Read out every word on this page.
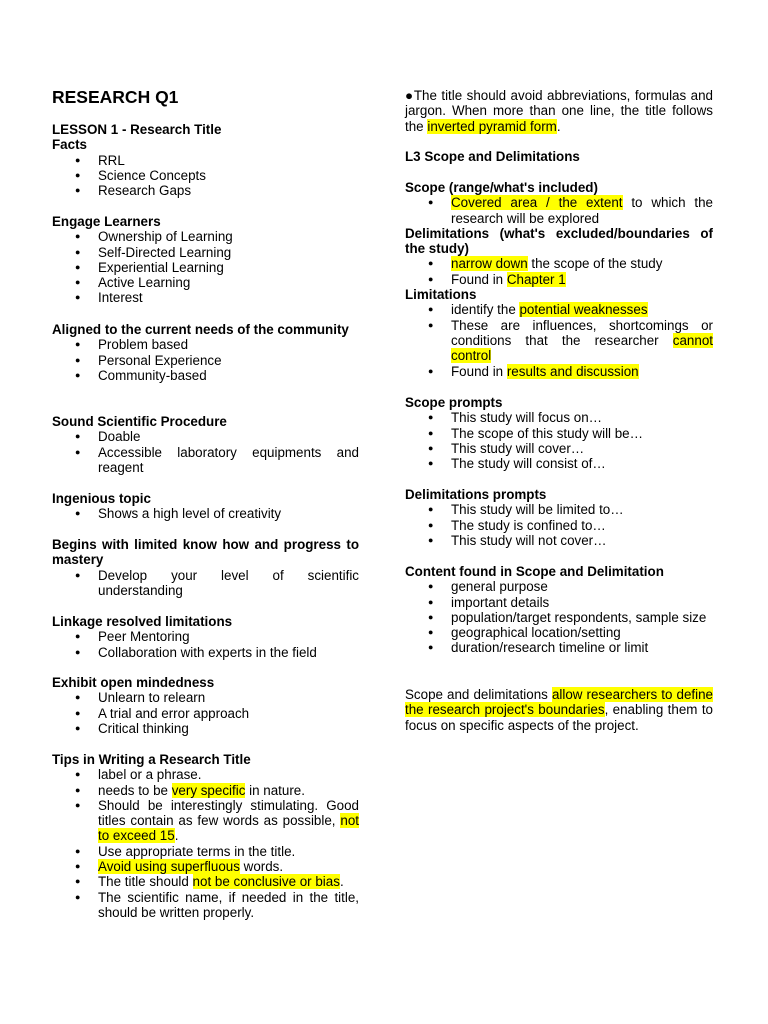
RESEARCH Q1
LESSON 1 - Research Title
Facts
● RRL
● Science Concepts
● Research Gaps
Engage Learners
● Ownership of Learning
● Self-Directed Learning
● Experiential Learning
● Active Learning
● Interest
Aligned to the current needs of the community
● Problem based
● Personal Experience
● Community-based
Sound Scientific Procedure
● Doable
● Accessible laboratory equipments and reagent
Ingenious topic
● Shows a high level of creativity
Begins with limited know how and progress to mastery
● Develop your level of scientific understanding
Linkage resolved limitations
● Peer Mentoring
● Collaboration with experts in the field
Exhibit open mindedness
● Unlearn to relearn
● A trial and error approach
● Critical thinking
Tips in Writing a Research Title
● label or a phrase.
● needs to be very specific in nature.
● Should be interestingly stimulating. Good titles contain as few words as possible, not to exceed 15.
● Use appropriate terms in the title.
● Avoid using superfluous words.
● The title should not be conclusive or bias.
● The scientific name, if needed in the title, should be written properly.
●The title should avoid abbreviations, formulas and jargon. When more than one line, the title follows the inverted pyramid form.
L3 Scope and Delimitations
Scope (range/what's included)
● Covered area / the extent to which the research will be explored
Delimitations (what's excluded/boundaries of the study)
● narrow down the scope of the study
● Found in Chapter 1
Limitations
● identify the potential weaknesses
● These are influences, shortcomings or conditions that the researcher cannot control
● Found in results and discussion
Scope prompts
● This study will focus on…
● The scope of this study will be…
● This study will cover…
● The study will consist of…
Delimitations prompts
● This study will be limited to…
● The study is confined to…
● This study will not cover…
Content found in Scope and Delimitation
● general purpose
● important details
● population/target respondents, sample size
● geographical location/setting
● duration/research timeline or limit
Scope and delimitations allow researchers to define the research project's boundaries, enabling them to focus on specific aspects of the project.
